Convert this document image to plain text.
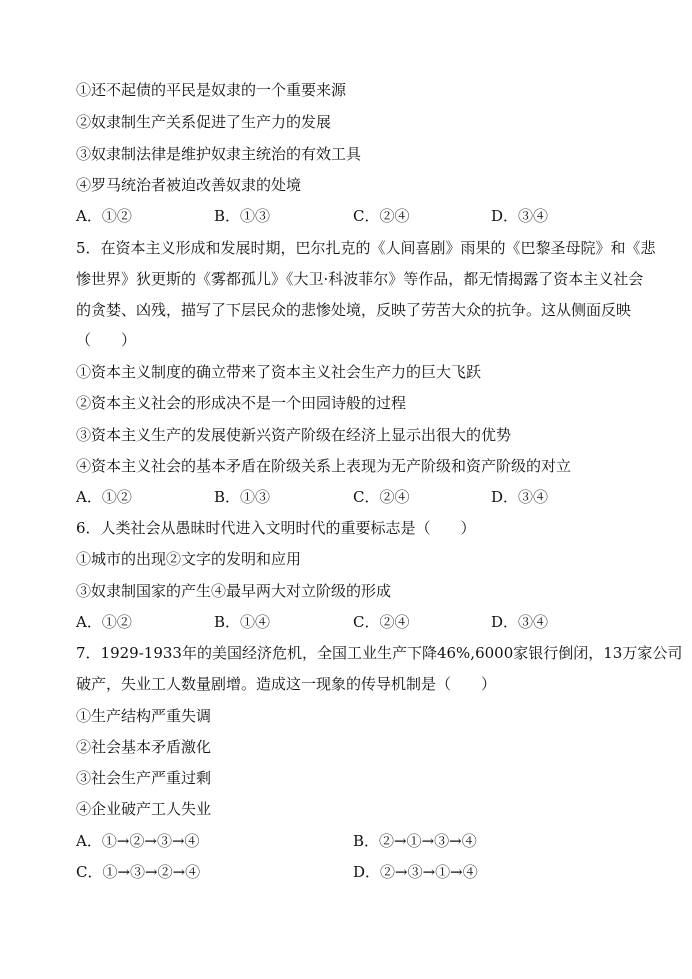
①还不起债的平民是奴隶的一个重要来源
②奴隶制生产关系促进了生产力的发展
③奴隶制法律是维护奴隶主统治的有效工具
④罗马统治者被迫改善奴隶的处境
A．①②	B．①③	C．②④	D．③④
5．在资本主义形成和发展时期，巴尔扎克的《人间喜剧》雨果的《巴黎圣母院》和《悲
惨世界》狄更斯的《雾都孤儿》《大卫·科波菲尔》等作品，都无情揭露了资本主义社会
的贪婪、凶残，描写了下层民众的悲惨处境，反映了劳苦大众的抗争。这从侧面反映
（　　）
①资本主义制度的确立带来了资本主义社会生产力的巨大飞跃
②资本主义社会的形成决不是一个田园诗般的过程
③资本主义生产的发展使新兴资产阶级在经济上显示出很大的优势
④资本主义社会的基本矛盾在阶级关系上表现为无产阶级和资产阶级的对立
A．①②	B．①③	C．②④	D．③④
6．人类社会从愚昧时代进入文明时代的重要标志是（　　）
①城市的出现②文字的发明和应用
③奴隶制国家的产生④最早两大对立阶级的形成
A．①②	B．①④	C．②④	D．③④
7．1929-1933年的美国经济危机，全国工业生产下降46%,6000家银行倒闭，13万家公司
破产，失业工人数量剧增。造成这一现象的传导机制是（　　）
①生产结构严重失调
②社会基本矛盾激化
③社会生产严重过剩
④企业破产工人失业
A．①→②→③→④	B．②→①→③→④
C．①→③→②→④	D．②→③→①→④
